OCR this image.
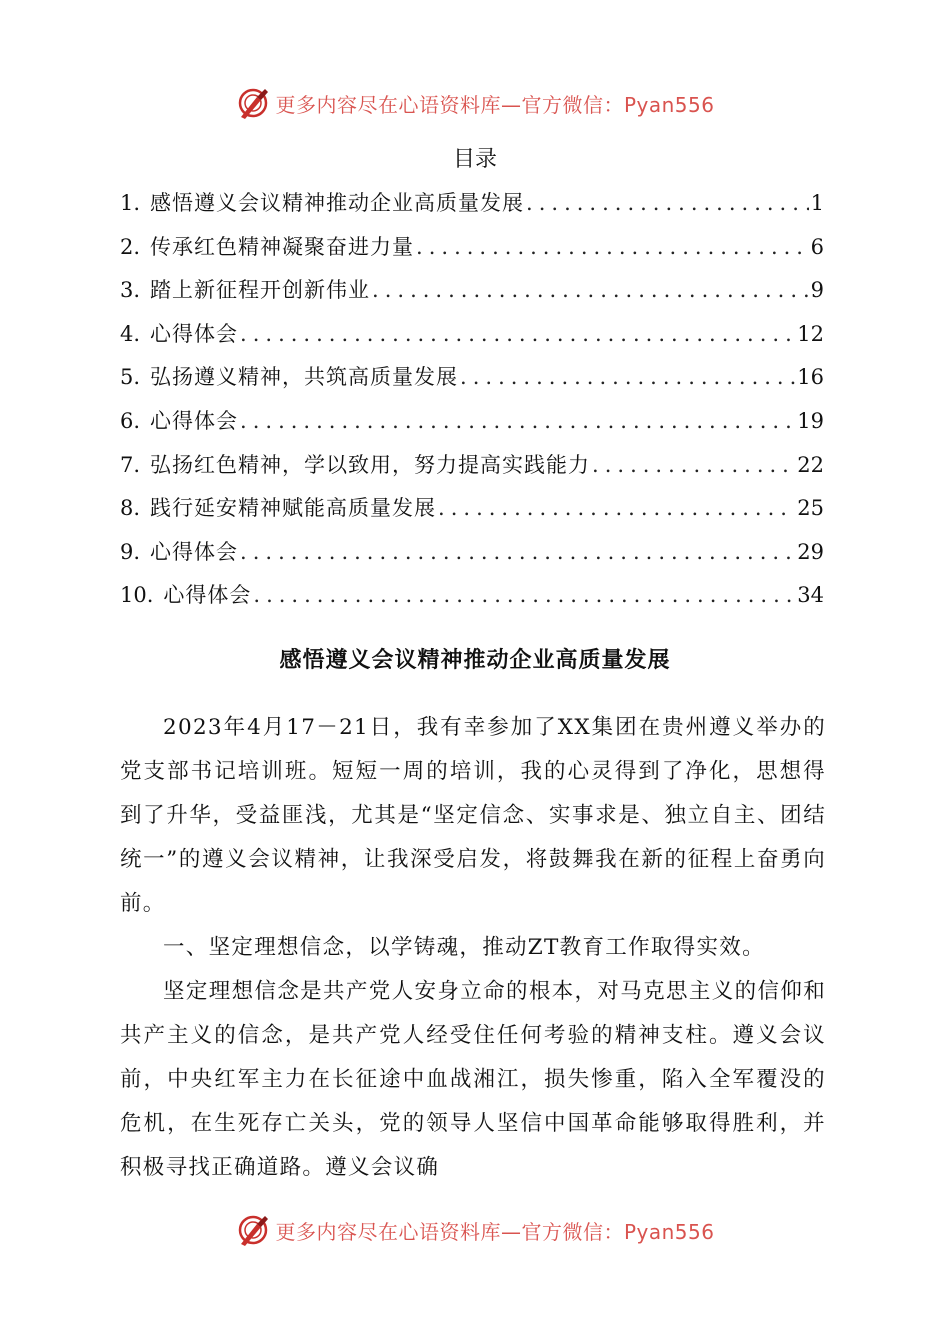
更多内容尽在心语资料库—官方微信：Pyan556
目录
1. 感悟遵义会议精神推动企业高质量发展 .....	1
2. 传承红色精神凝聚奋进力量 .....	6
3. 踏上新征程开创新伟业 .....	9
4. 心得体会 .....	12
5. 弘扬遵义精神，共筑高质量发展 .....	16
6. 心得体会 .....	19
7. 弘扬红色精神，学以致用，努力提高实践能力 .....	22
8. 践行延安精神赋能高质量发展 .....	25
9. 心得体会 .....	29
10. 心得体会 .....	34
感悟遵义会议精神推动企业高质量发展

2023年4月17－21日，我有幸参加了XX集团在贵州遵义举办的党支部书记培训班。短短一周的培训，我的心灵得到了净化，思想得到了升华，受益匪浅，尤其是“坚定信念、实事求是、独立自主、团结统一”的遵义会议精神，让我深受启发，将鼓舞我在新的征程上奋勇向前。

一、坚定理想信念，以学铸魂，推动ZT教育工作取得实效。

坚定理想信念是共产党人安身立命的根本，对马克思主义的信仰和共产主义的信念，是共产党人经受住任何考验的精神支柱。遵义会议前，中央红军主力在长征途中血战湘江，损失惨重，陷入全军覆没的危机，在生死存亡关头，党的领导人坚信中国革命能够取得胜利，并积极寻找正确道路。遵义会议确

更多内容尽在心语资料库—官方微信：Pyan556
